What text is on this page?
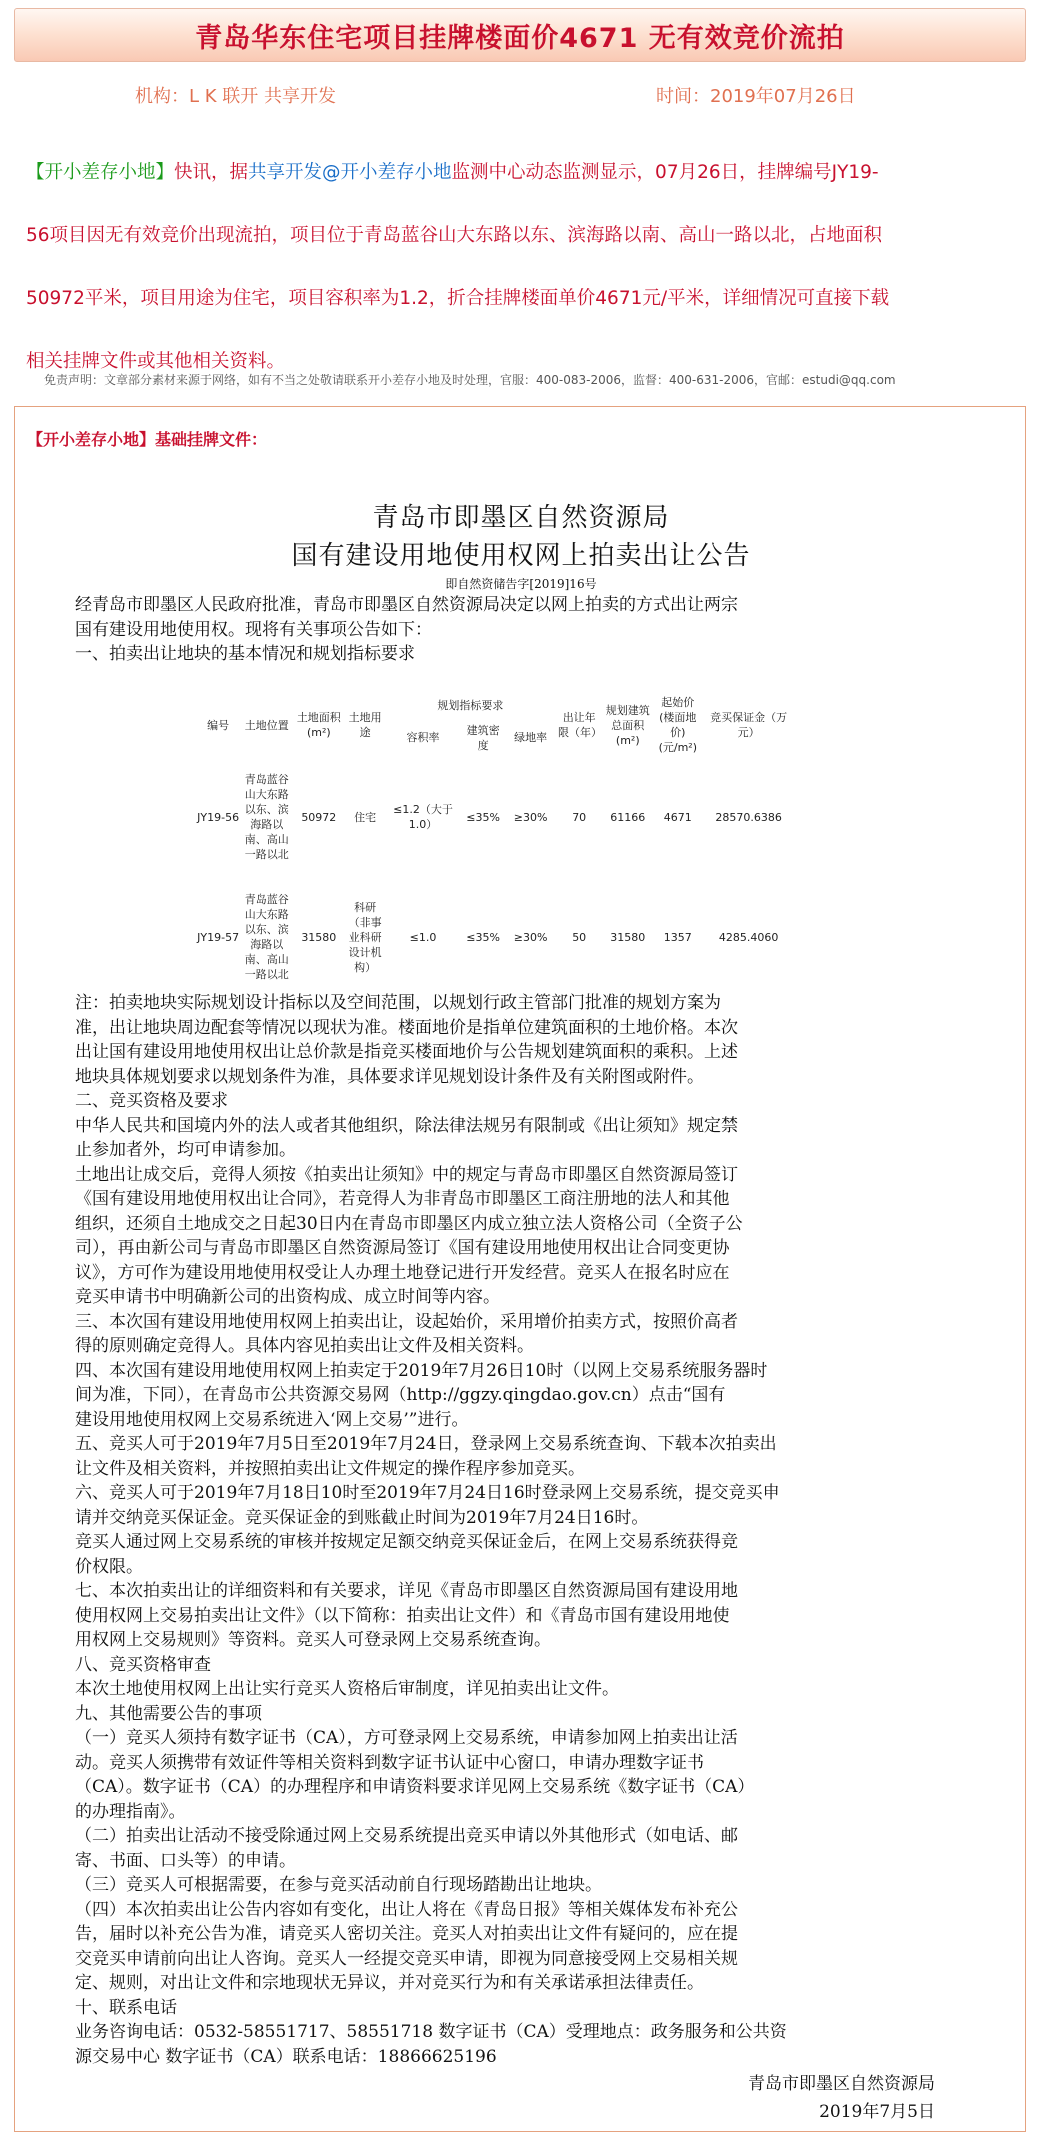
青岛华东住宅项目挂牌楼面价4671 无有效竞价流拍
机构：L K 联开 共享开发	时间：2019年07月26日
【开小差存小地】快讯，据共享开发@开小差存小地监测中心动态监测显示，07月26日，挂牌编号JY19-
56项目因无有效竞价出现流拍，项目位于青岛蓝谷山大东路以东、滨海路以南、高山一路以北，占地面积
50972平米，项目用途为住宅，项目容积率为1.2，折合挂牌楼面单价4671元/平米，详细情况可直接下载
相关挂牌文件或其他相关资料。
免责声明：文章部分素材来源于网络，如有不当之处敬请联系开小差存小地及时处理，官服：400-083-2006，监督：400-631-2006，官邮：estudi@qq.com
【开小差存小地】基础挂牌文件：
青岛市即墨区自然资源局
国有建设用地使用权网上拍卖出让公告
即自然资储告字[2019]16号

经青岛市即墨区人民政府批准，青岛市即墨区自然资源局决定以网上拍卖的方式出让两宗

国有建设用地使用权。现将有关事项公告如下：

一、拍卖出让地块的基本情况和规划指标要求

编号	土地位置	土地面积(m²)	土地用途	规划指标要求			出让年限（年）	规划建筑总面积(m²)	起始价(楼面地价)(元/m²)	竞买保证金（万元）
				容积率	建筑密度	绿地率				
JY19-56	青岛蓝谷山大东路以东、滨海路以南、高山一路以北	50972	住宅	≤1.2（大于1.0）	≤35%	≥30%	70	61166	4671	28570.6386
JY19-57	青岛蓝谷山大东路以东、滨海路以南、高山一路以北	31580	科研（非事业科研设计机构）	≤1.0	≤35%	≥30%	50	31580	1357	4285.4060

注：拍卖地块实际规划设计指标以及空间范围，以规划行政主管部门批准的规划方案为

准，出让地块周边配套等情况以现状为准。楼面地价是指单位建筑面积的土地价格。本次

出让国有建设用地使用权出让总价款是指竞买楼面地价与公告规划建筑面积的乘积。上述

地块具体规划要求以规划条件为准，具体要求详见规划设计条件及有关附图或附件。

二、竞买资格及要求

中华人民共和国境内外的法人或者其他组织，除法律法规另有限制或《出让须知》规定禁

止参加者外，均可申请参加。

土地出让成交后，竞得人须按《拍卖出让须知》中的规定与青岛市即墨区自然资源局签订

《国有建设用地使用权出让合同》，若竞得人为非青岛市即墨区工商注册地的法人和其他

组织，还须自土地成交之日起30日内在青岛市即墨区内成立独立法人资格公司（全资子公

司），再由新公司与青岛市即墨区自然资源局签订《国有建设用地使用权出让合同变更协

议》，方可作为建设用地使用权受让人办理土地登记进行开发经营。竞买人在报名时应在

竞买申请书中明确新公司的出资构成、成立时间等内容。

三、本次国有建设用地使用权网上拍卖出让，设起始价，采用增价拍卖方式，按照价高者

得的原则确定竞得人。具体内容见拍卖出让文件及相关资料。

四、本次国有建设用地使用权网上拍卖定于2019年7月26日10时（以网上交易系统服务器时

间为准，下同），在青岛市公共资源交易网（http://ggzy.qingdao.gov.cn）点击“国有

建设用地使用权网上交易系统进入‘网上交易’”进行。

五、竞买人可于2019年7月5日至2019年7月24日，登录网上交易系统查询、下载本次拍卖出

让文件及相关资料，并按照拍卖出让文件规定的操作程序参加竞买。

六、竞买人可于2019年7月18日10时至2019年7月24日16时登录网上交易系统，提交竞买申

请并交纳竞买保证金。竞买保证金的到账截止时间为2019年7月24日16时。

竞买人通过网上交易系统的审核并按规定足额交纳竞买保证金后，在网上交易系统获得竞

价权限。

七、本次拍卖出让的详细资料和有关要求，详见《青岛市即墨区自然资源局国有建设用地

使用权网上交易拍卖出让文件》（以下简称：拍卖出让文件）和《青岛市国有建设用地使

用权网上交易规则》等资料。竞买人可登录网上交易系统查询。

八、竞买资格审查

本次土地使用权网上出让实行竞买人资格后审制度，详见拍卖出让文件。

九、其他需要公告的事项

（一）竞买人须持有数字证书（CA），方可登录网上交易系统，申请参加网上拍卖出让活

动。竞买人须携带有效证件等相关资料到数字证书认证中心窗口，申请办理数字证书

（CA）。数字证书（CA）的办理程序和申请资料要求详见网上交易系统《数字证书（CA）

的办理指南》。

（二）拍卖出让活动不接受除通过网上交易系统提出竞买申请以外其他形式（如电话、邮

寄、书面、口头等）的申请。

（三）竞买人可根据需要，在参与竞买活动前自行现场踏勘出让地块。

（四）本次拍卖出让公告内容如有变化，出让人将在《青岛日报》等相关媒体发布补充公

告，届时以补充公告为准，请竞买人密切关注。竞买人对拍卖出让文件有疑问的，应在提

交竞买申请前向出让人咨询。竞买人一经提交竞买申请，即视为同意接受网上交易相关规

定、规则，对出让文件和宗地现状无异议，并对竞买行为和有关承诺承担法律责任。

十、联系电话

业务咨询电话：0532-58551717、58551718 数字证书（CA）受理地点：政务服务和公共资

源交易中心 数字证书（CA）联系电话：18866625196

青岛市即墨区自然资源局
2019年7月5日
